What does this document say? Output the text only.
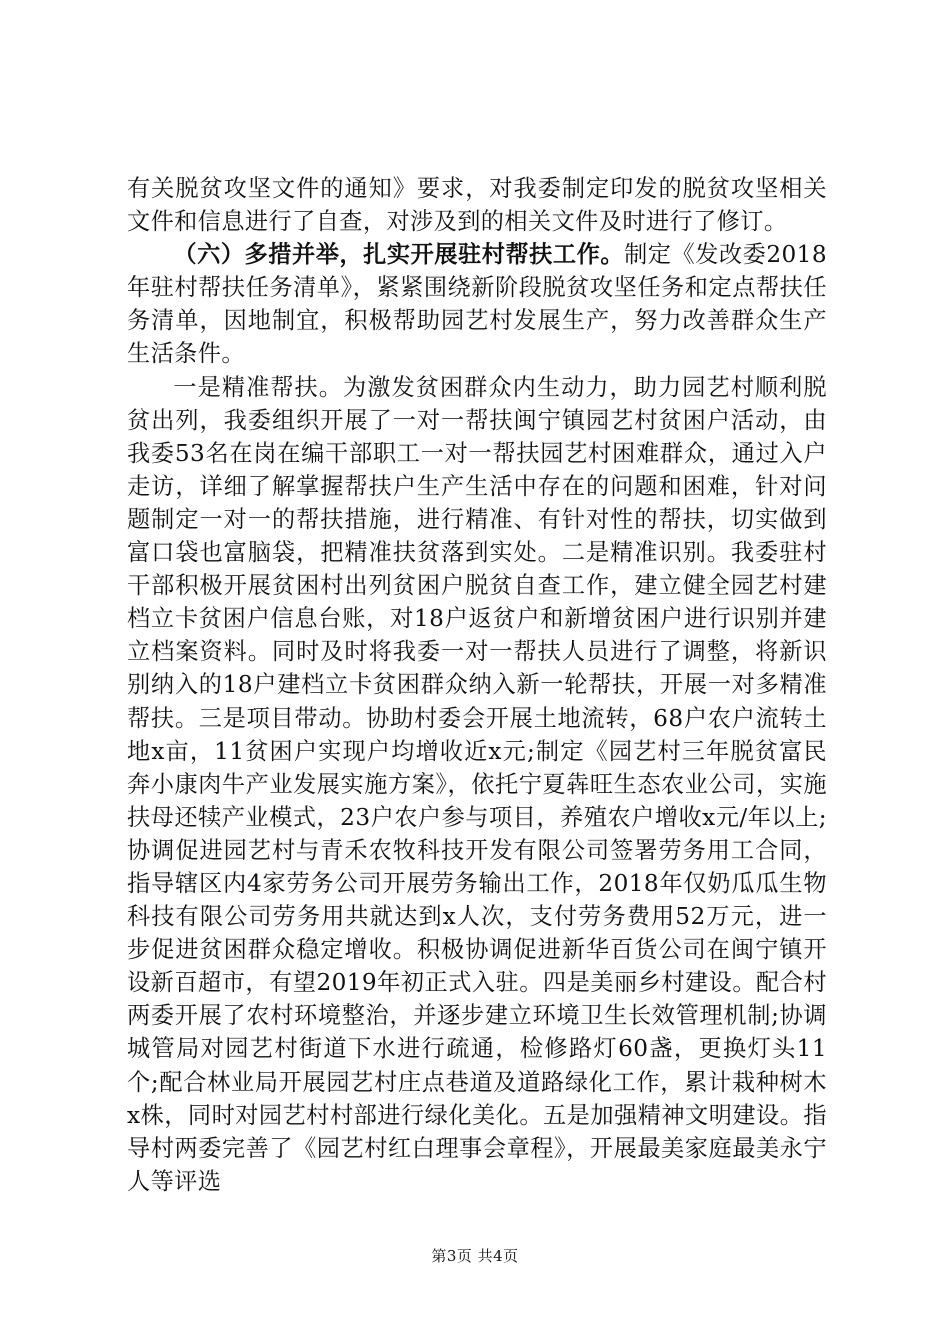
有关脱贫攻坚文件的通知》要求，对我委制定印发的脱贫攻坚相关文件和信息进行了自查，对涉及到的相关文件及时进行了修订。

（六）多措并举，扎实开展驻村帮扶工作。制定《发改委2018年驻村帮扶任务清单》，紧紧围绕新阶段脱贫攻坚任务和定点帮扶任务清单，因地制宜，积极帮助园艺村发展生产，努力改善群众生产生活条件。

一是精准帮扶。为激发贫困群众内生动力，助力园艺村顺利脱贫出列，我委组织开展了一对一帮扶闽宁镇园艺村贫困户活动，由我委53名在岗在编干部职工一对一帮扶园艺村困难群众，通过入户走访，详细了解掌握帮扶户生产生活中存在的问题和困难，针对问题制定一对一的帮扶措施，进行精准、有针对性的帮扶，切实做到富口袋也富脑袋，把精准扶贫落到实处。二是精准识别。我委驻村干部积极开展贫困村出列贫困户脱贫自查工作，建立健全园艺村建档立卡贫困户信息台账，对18户返贫户和新增贫困户进行识别并建立档案资料。同时及时将我委一对一帮扶人员进行了调整，将新识别纳入的18户建档立卡贫困群众纳入新一轮帮扶，开展一对多精准帮扶。三是项目带动。协助村委会开展土地流转，68户农户流转土地x亩，11贫困户实现户均增收近x元;制定《园艺村三年脱贫富民奔小康肉牛产业发展实施方案》，依托宁夏犇旺生态农业公司，实施扶母还犊产业模式，23户农户参与项目，养殖农户增收x元/年以上;协调促进园艺村与青禾农牧科技开发有限公司签署劳务用工合同，指导辖区内4家劳务公司开展劳务输出工作，2018年仅奶瓜瓜生物科技有限公司劳务用共就达到x人次，支付劳务费用52万元，进一步促进贫困群众稳定增收。积极协调促进新华百货公司在闽宁镇开设新百超市，有望2019年初正式入驻。四是美丽乡村建设。配合村两委开展了农村环境整治，并逐步建立环境卫生长效管理机制;协调城管局对园艺村街道下水进行疏通，检修路灯60盏，更换灯头11个;配合林业局开展园艺村庄点巷道及道路绿化工作，累计栽种树木x株，同时对园艺村村部进行绿化美化。五是加强精神文明建设。指导村两委完善了《园艺村红白理事会章程》，开展最美家庭最美永宁人等评选

第3页 共4页
